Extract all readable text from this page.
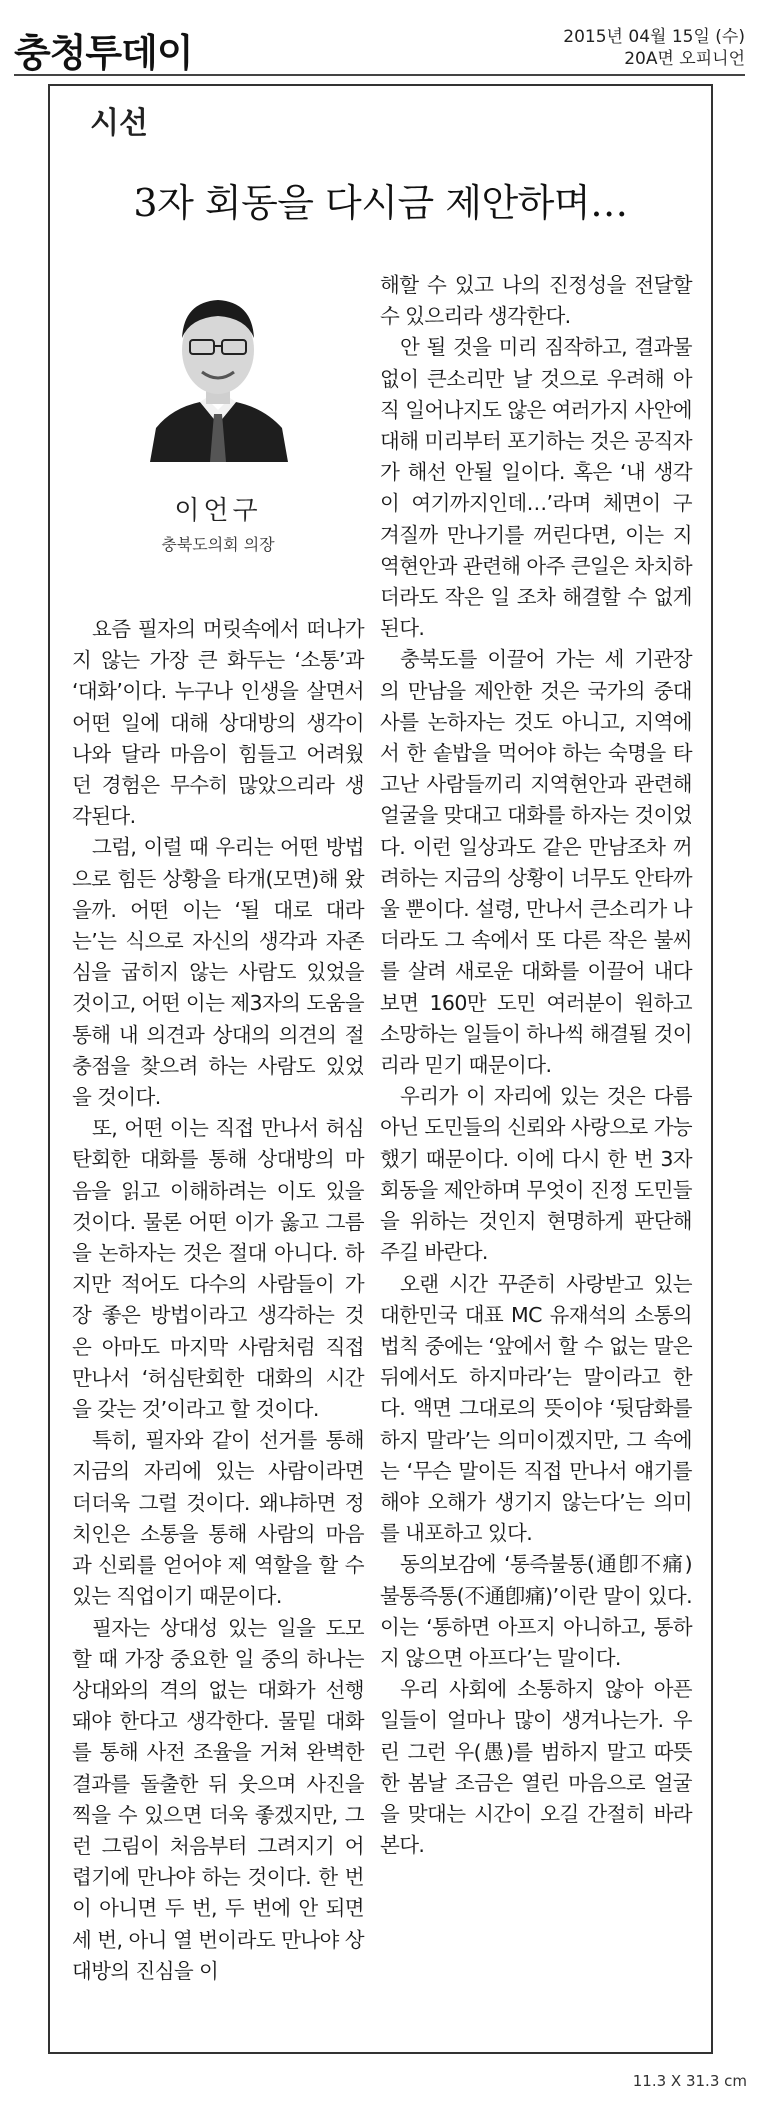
충청투데이	2015년 04월 15일 (수)
20A면 오피니언
시선
3자 회동을 다시금 제안하며…
이언구
충북도의회 의장

요즘 필자의 머릿속에서 떠나가지 않는 가장 큰 화두는 ‘소통’과 ‘대화’이다. 누구나 인생을 살면서 어떤 일에 대해 상대방의 생각이 나와 달라 마음이 힘들고 어려웠던 경험은 무수히 많았으리라 생각된다.

그럼, 이럴 때 우리는 어떤 방법으로 힘든 상황을 타개(모면)해 왔을까. 어떤 이는 ‘될 대로 대라는’는 식으로 자신의 생각과 자존심을 굽히지 않는 사람도 있었을 것이고, 어떤 이는 제3자의 도움을 통해 내 의견과 상대의 의견의 절충점을 찾으려 하는 사람도 있었을 것이다.

또, 어떤 이는 직접 만나서 허심탄회한 대화를 통해 상대방의 마음을 읽고 이해하려는 이도 있을 것이다. 물론 어떤 이가 옳고 그름을 논하자는 것은 절대 아니다. 하지만 적어도 다수의 사람들이 가장 좋은 방법이라고 생각하는 것은 아마도 마지막 사람처럼 직접 만나서 ‘허심탄회한 대화의 시간을 갖는 것’이라고 할 것이다.

특히, 필자와 같이 선거를 통해 지금의 자리에 있는 사람이라면 더더욱 그럴 것이다. 왜냐하면 정치인은 소통을 통해 사람의 마음과 신뢰를 얻어야 제 역할을 할 수 있는 직업이기 때문이다.

필자는 상대성 있는 일을 도모할 때 가장 중요한 일 중의 하나는 상대와의 격의 없는 대화가 선행돼야 한다고 생각한다. 물밑 대화를 통해 사전 조율을 거쳐 완벽한 결과를 돌출한 뒤 웃으며 사진을 찍을 수 있으면 더욱 좋겠지만, 그런 그림이 처음부터 그려지기 어렵기에 만나야 하는 것이다. 한 번이 아니면 두 번, 두 번에 안 되면 세 번, 아니 열 번이라도 만나야 상대방의 진심을 이

해할 수 있고 나의 진정성을 전달할 수 있으리라 생각한다.

안 될 것을 미리 짐작하고, 결과물 없이 큰소리만 날 것으로 우려해 아직 일어나지도 않은 여러가지 사안에 대해 미리부터 포기하는 것은 공직자가 해선 안될 일이다. 혹은 ‘내 생각이 여기까지인데…’라며 체면이 구겨질까 만나기를 꺼린다면, 이는 지역현안과 관련해 아주 큰일은 차치하더라도 작은 일 조차 해결할 수 없게 된다.

충북도를 이끌어 가는 세 기관장의 만남을 제안한 것은 국가의 중대사를 논하자는 것도 아니고, 지역에서 한 솥밥을 먹어야 하는 숙명을 타고난 사람들끼리 지역현안과 관련해 얼굴을 맞대고 대화를 하자는 것이었다. 이런 일상과도 같은 만남조차 꺼려하는 지금의 상황이 너무도 안타까울 뿐이다. 설령, 만나서 큰소리가 나더라도 그 속에서 또 다른 작은 불씨를 살려 새로운 대화를 이끌어 내다보면 160만 도민 여러분이 원하고 소망하는 일들이 하나씩 해결될 것이리라 믿기 때문이다.

우리가 이 자리에 있는 것은 다름 아닌 도민들의 신뢰와 사랑으로 가능했기 때문이다. 이에 다시 한 번 3자 회동을 제안하며 무엇이 진정 도민들을 위하는 것인지 현명하게 판단해 주길 바란다.

오랜 시간 꾸준히 사랑받고 있는 대한민국 대표 MC 유재석의 소통의 법칙 중에는 ‘앞에서 할 수 없는 말은 뒤에서도 하지마라’는 말이라고 한다. 액면 그대로의 뜻이야 ‘뒷담화를 하지 말라’는 의미이겠지만, 그 속에는 ‘무슨 말이든 직접 만나서 얘기를 해야 오해가 생기지 않는다’는 의미를 내포하고 있다.

동의보감에 ‘통즉불통(通卽不痛) 불통즉통(不通卽痛)’이란 말이 있다. 이는 ‘통하면 아프지 아니하고, 통하지 않으면 아프다’는 말이다.

우리 사회에 소통하지 않아 아픈 일들이 얼마나 많이 생겨나는가. 우린 그런 우(愚)를 범하지 말고 따뜻한 봄날 조금은 열린 마음으로 얼굴을 맞대는 시간이 오길 간절히 바라본다.

11.3 X 31.3 cm
